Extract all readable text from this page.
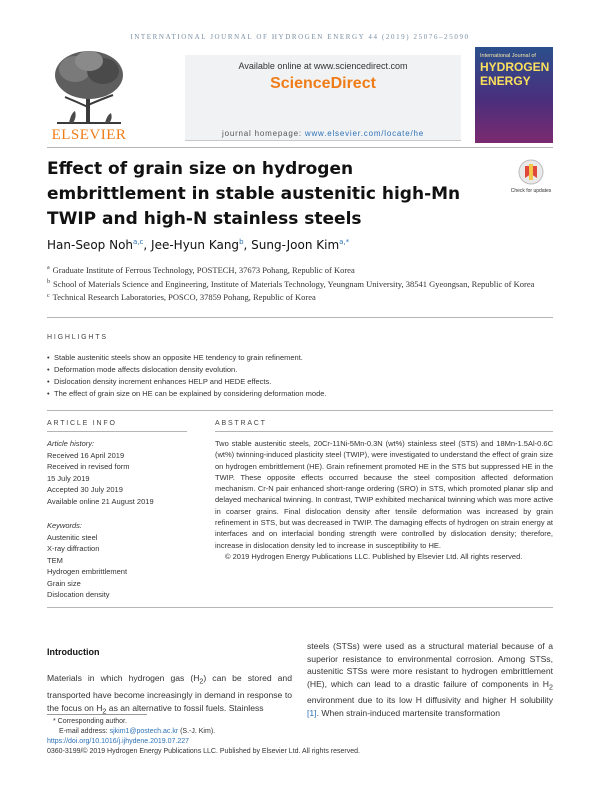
INTERNATIONAL JOURNAL OF HYDROGEN ENERGY 44 (2019) 25076–25090
ELSEVIER
Available online at www.sciencedirect.com
ScienceDirect
journal homepage: www.elsevier.com/locate/he
International Journal of
HYDROGEN
ENERGY
Effect of grain size on hydrogen embrittlement in stable austenitic high-Mn TWIP and high-N stainless steels
Check for updates
Han-Seop Noh$^{a,c}$, Jee-Hyun Kang$^b$, Sung-Joon Kim$^{a,*}$
$^a$ Graduate Institute of Ferrous Technology, POSTECH, 37673 Pohang, Republic of Korea
$^b$ School of Materials Science and Engineering, Institute of Materials Technology, Yeungnam University, 38541 Gyeongsan, Republic of Korea
$^c$ Technical Research Laboratories, POSCO, 37859 Pohang, Republic of Korea
HIGHLIGHTS
• Stable austenitic steels show an opposite HE tendency to grain refinement.
• Deformation mode affects dislocation density evolution.
• Dislocation density increment enhances HELP and HEDE effects.
• The effect of grain size on HE can be explained by considering deformation mode.
ARTICLE INFO	ABSTRACT
Article history:
Received 16 April 2019
Received in revised form
15 July 2019
Accepted 30 July 2019
Available online 21 August 2019
Keywords:
Austenitic steel
X-ray diffraction
TEM
Hydrogen embrittlement
Grain size
Dislocation density
Two stable austenitic steels, 20Cr-11Ni-5Mn-0.3N (wt%) stainless steel (STS) and 18Mn-1.5Al-0.6C (wt%) twinning-induced plasticity steel (TWIP), were investigated to understand the effect of grain size on hydrogen embrittlement (HE). Grain refinement promoted HE in the STS but suppressed HE in the TWIP. These opposite effects occurred because the steel composition affected deformation mechanism. Cr-N pair enhanced short-range ordering (SRO) in STS, which promoted planar slip and delayed mechanical twinning. In contrast, TWIP exhibited mechanical twinning which was more active in coarser grains. Final dislocation density after tensile deformation was increased by grain refinement in STS, but was decreased in TWIP. The damaging effects of hydrogen on strain energy at interfaces and on interfacial bonding strength were controlled by dislocation density; therefore, increase in dislocation density led to increase in susceptibility to HE.
© 2019 Hydrogen Energy Publications LLC. Published by Elsevier Ltd. All rights reserved.
Introduction
Materials in which hydrogen gas $(H_2)$ can be stored and transported have become increasingly in demand in response to the focus on $H_2$ as an alternative to fossil fuels. Stainless
steels (STSs) were used as a structural material because of a superior resistance to environmental corrosion. Among STSs, austenitic STSs were more resistant to hydrogen embrittlement (HE), which can lead to a drastic failure of components in $H_2$ environment due to its low H diffusivity and higher H solubility [1]. When strain-induced martensite transformation
* Corresponding author.
E-mail address: sjkim1@postech.ac.kr (S.-J. Kim).
https://doi.org/10.1016/j.ijhydene.2019.07.227
0360-3199/© 2019 Hydrogen Energy Publications LLC. Published by Elsevier Ltd. All rights reserved.
